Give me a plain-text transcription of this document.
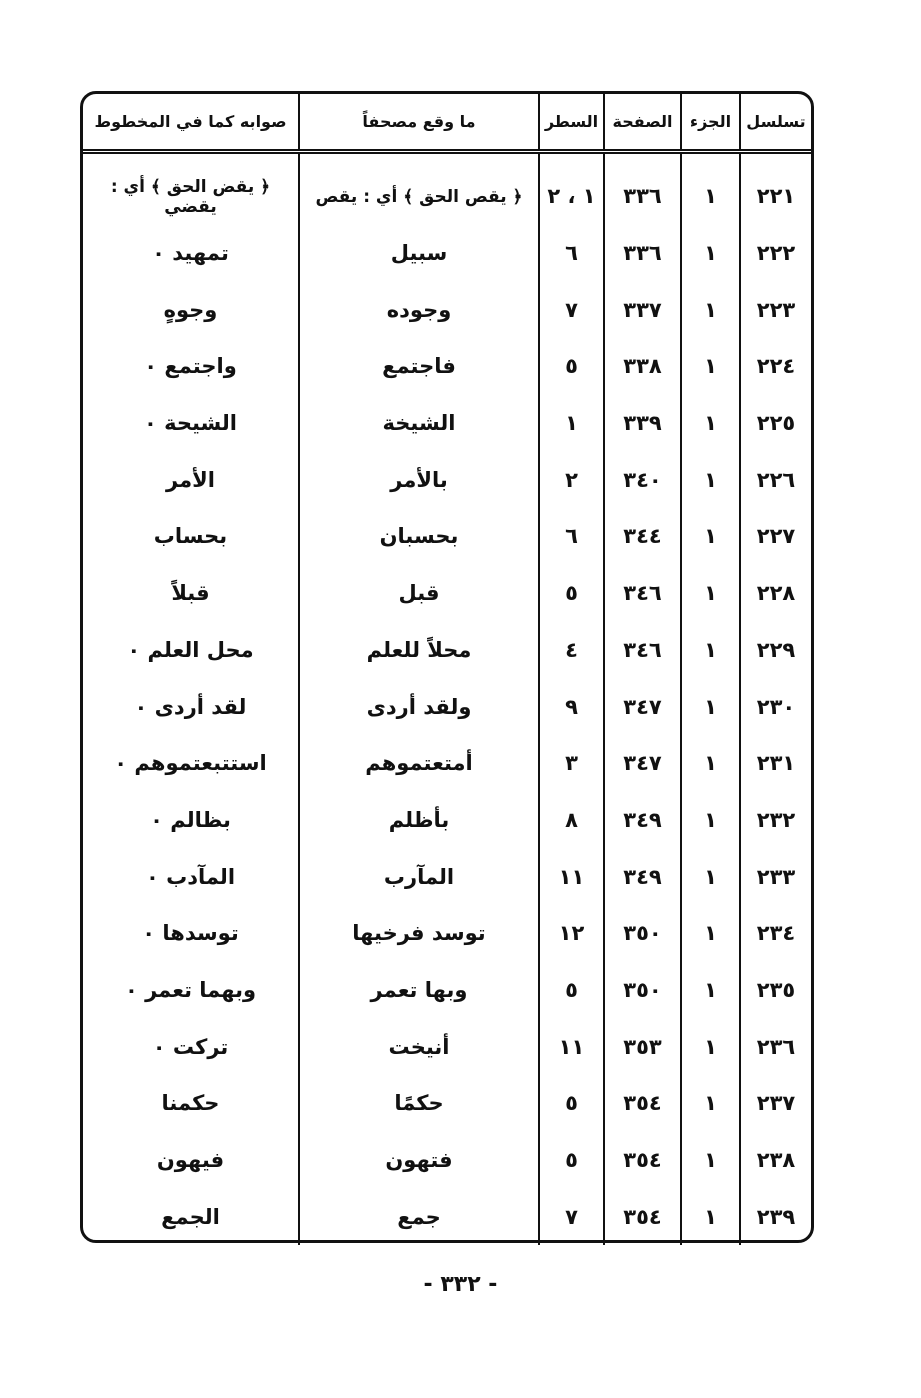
تسلسل	الجزء	الصفحة	السطر	ما وقع مصحفاً	صوابه كما في المخطوط
٢٢١	١	٣٣٦	١ ، ٢	﴿ يقص الحق ﴾ أي : يقص	﴿ يقض الحق ﴾ أي : يقضي
٢٢٢	١	٣٣٦	٦	سبيل	تمهيد ٠
٢٢٣	١	٣٣٧	٧	وجوده	وجوهٍ
٢٢٤	١	٣٣٨	٥	فاجتمع	واجتمع ٠
٢٢٥	١	٣٣٩	١	الشيخة	الشيحة ٠
٢٢٦	١	٣٤٠	٢	بالأمر	الأمر
٢٢٧	١	٣٤٤	٦	بحسبان	بحساب
٢٢٨	١	٣٤٦	٥	قبل	قبلاً
٢٢٩	١	٣٤٦	٤	محلاً للعلم	محل العلم ٠
٢٣٠	١	٣٤٧	٩	ولقد أردى	لقد أردى ٠
٢٣١	١	٣٤٧	٣	أمتعتموهم	استتبعتموهم ٠
٢٣٢	١	٣٤٩	٨	بأظلم	بظالم ٠
٢٣٣	١	٣٤٩	١١	المآرب	المآدب ٠
٢٣٤	١	٣٥٠	١٢	توسد فرخيها	توسدها ٠
٢٣٥	١	٣٥٠	٥	وبها تعمر	وبهما تعمر ٠
٢٣٦	١	٣٥٣	١١	أنيخت	تركت ٠
٢٣٧	١	٣٥٤	٥	حكمًا	حكمنا
٢٣٨	١	٣٥٤	٥	فتهون	فيهون
٢٣٩	١	٣٥٤	٧	جمع	الجمع
- ٣٣٢ -
